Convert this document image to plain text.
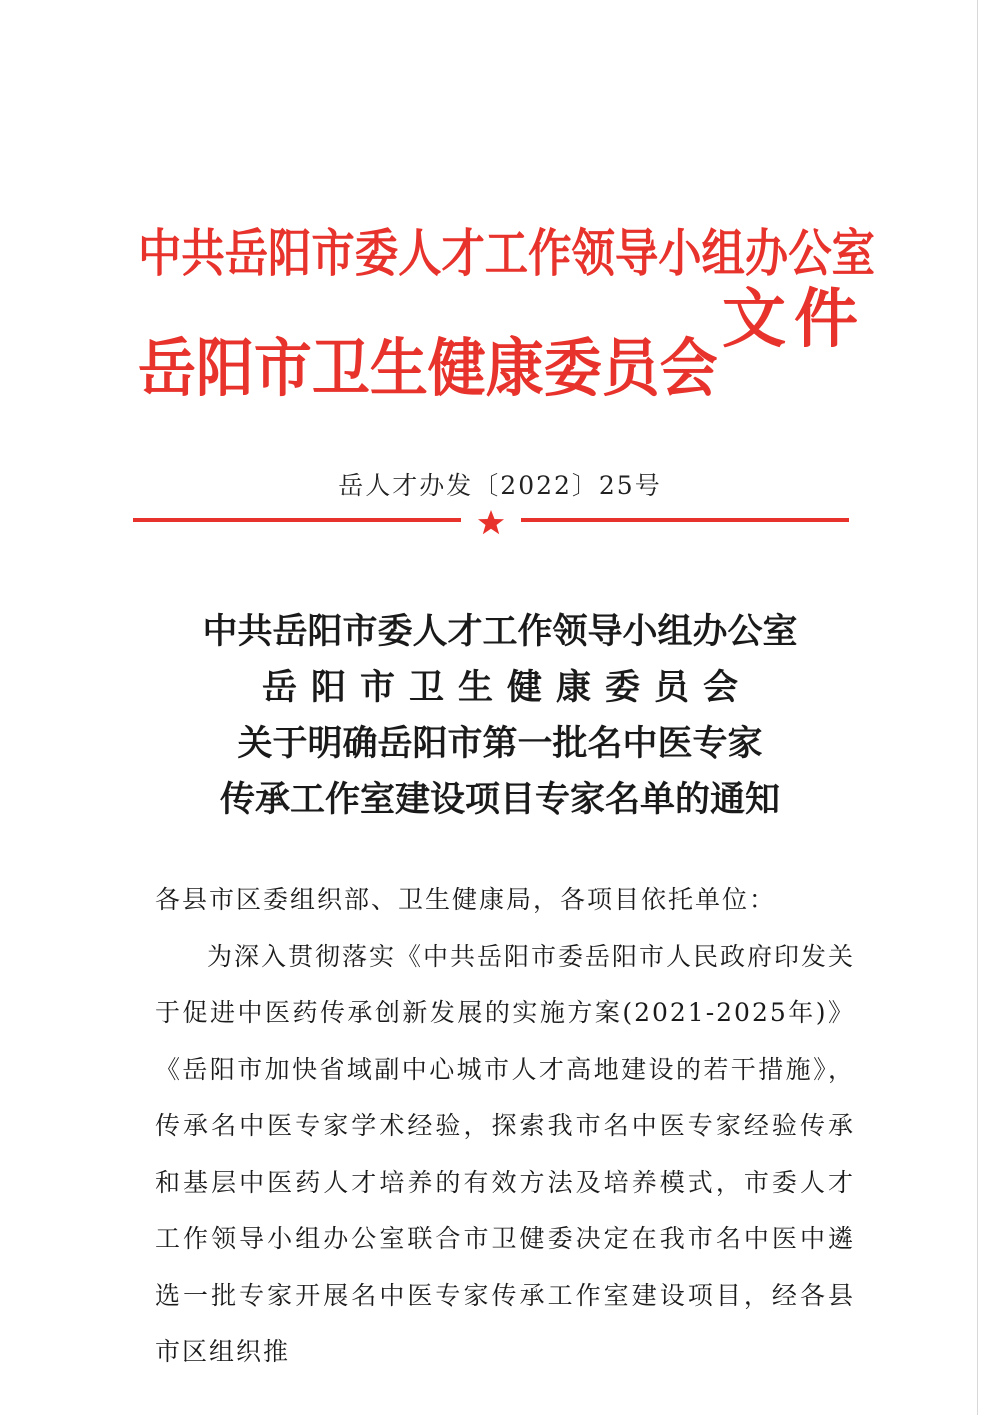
中共岳阳市委人才工作领导小组办公室
岳阳市卫生健康委员会
文件
岳人才办发〔2022〕25号
中共岳阳市委人才工作领导小组办公室
岳阳市卫生健康委员会
关于明确岳阳市第一批名中医专家
传承工作室建设项目专家名单的通知

各县市区委组织部、卫生健康局，各项目依托单位：

为深入贯彻落实《中共岳阳市委岳阳市人民政府印发关于促进中医药传承创新发展的实施方案(2021-2025年)》《岳阳市加快省域副中心城市人才高地建设的若干措施》，传承名中医专家学术经验，探索我市名中医专家经验传承和基层中医药人才培养的有效方法及培养模式，市委人才工作领导小组办公室联合市卫健委决定在我市名中医中遴选一批专家开展名中医专家传承工作室建设项目，经各县市区组织推
